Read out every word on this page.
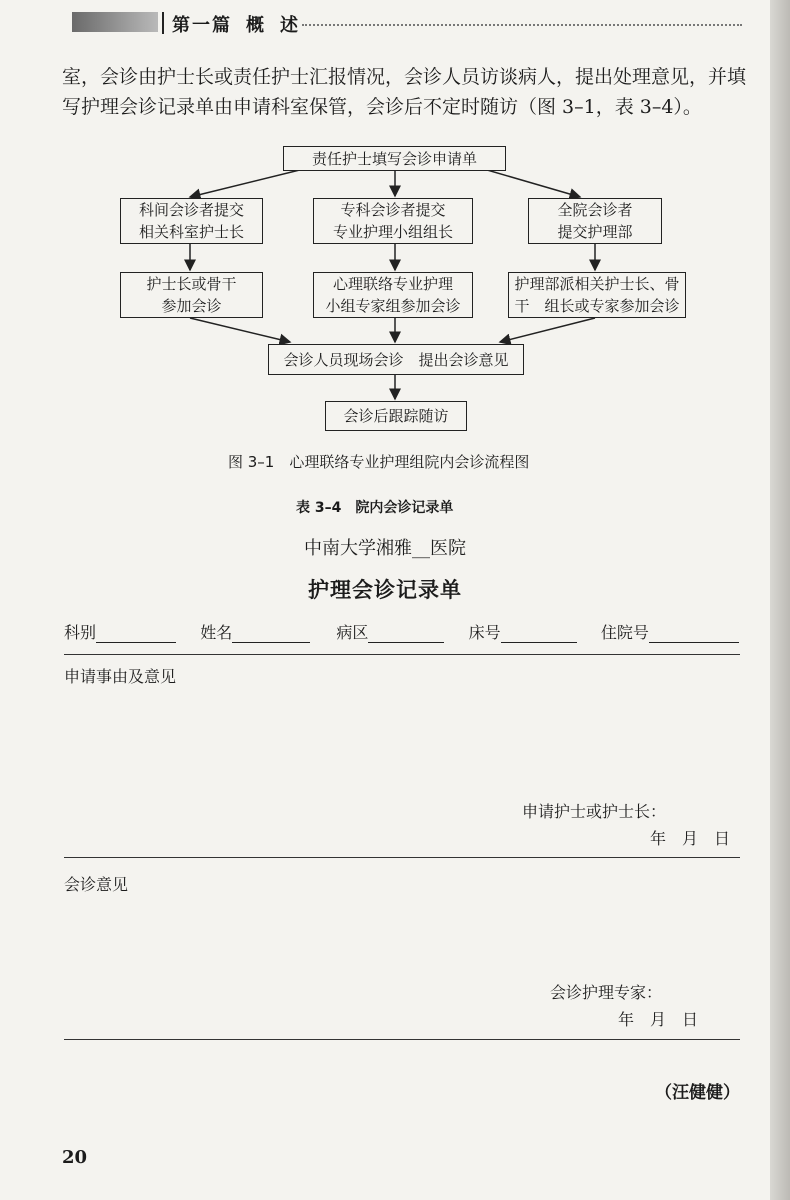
第一篇 概 述
室，会诊由护士长或责任护士汇报情况，会诊人员访谈病人，提出处理意见，并填
写护理会诊记录单由申请科室保管，会诊后不定时随访（图 3–1，表 3–4）。
责任护士填写会诊申请单
科间会诊者提交
相关科室护士长
专科会诊者提交
专业护理小组组长
全院会诊者
提交护理部
护士长或骨干
参加会诊
心理联络专业护理
小组专家组参加会诊
护理部派相关护士长、骨
干　组长或专家参加会诊
会诊人员现场会诊　提出会诊意见
会诊后跟踪随访
图 3–1　心理联络专业护理组院内会诊流程图
表 3–4　院内会诊记录单
中南大学湘雅__医院
护理会诊记录单
科别	姓名	病区	床号	住院号
申请事由及意见
申请护士或护士长：
年　月　日
会诊意见
会诊护理专家：
年　月　日
（汪健健）
20
